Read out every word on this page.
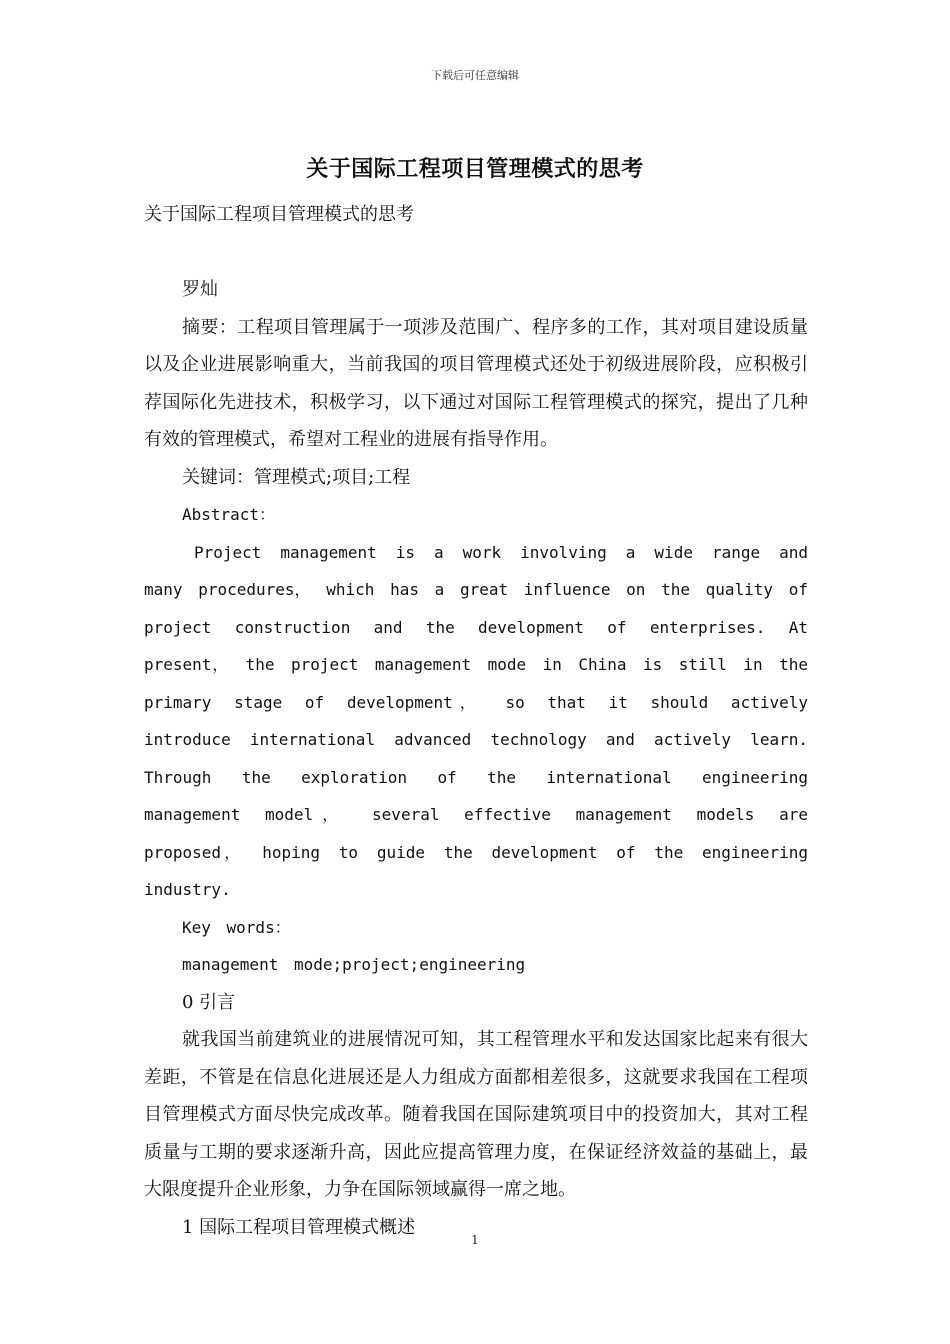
下载后可任意编辑
关于国际工程项目管理模式的思考

关于国际工程项目管理模式的思考

罗灿

摘要：工程项目管理属于一项涉及范围广、程序多的工作，其对项目建设质量以及企业进展影响重大，当前我国的项目管理模式还处于初级进展阶段，应积极引荐国际化先进技术，积极学习，以下通过对国际工程管理模式的探究，提出了几种有效的管理模式，希望对工程业的进展有指导作用。

关键词：管理模式;项目;工程

Abstract：

Project management is a work involving a wide range and many procedures， which has a great influence on the quality of project construction and the development of enterprises. At present， the project management mode in China is still in the primary stage of development， so that it should actively introduce international advanced technology and actively learn. Through the exploration of the international engineering management model， several effective management models are proposed， hoping to guide the development of the engineering industry.

Key words：

management mode;project;engineering

0 引言

就我国当前建筑业的进展情况可知，其工程管理水平和发达国家比起来有很大差距，不管是在信息化进展还是人力组成方面都相差很多，这就要求我国在工程项目管理模式方面尽快完成改革。随着我国在国际建筑项目中的投资加大，其对工程质量与工期的要求逐渐升高，因此应提高管理力度，在保证经济效益的基础上，最大限度提升企业形象，力争在国际领域赢得一席之地。

1 国际工程项目管理模式概述

1
